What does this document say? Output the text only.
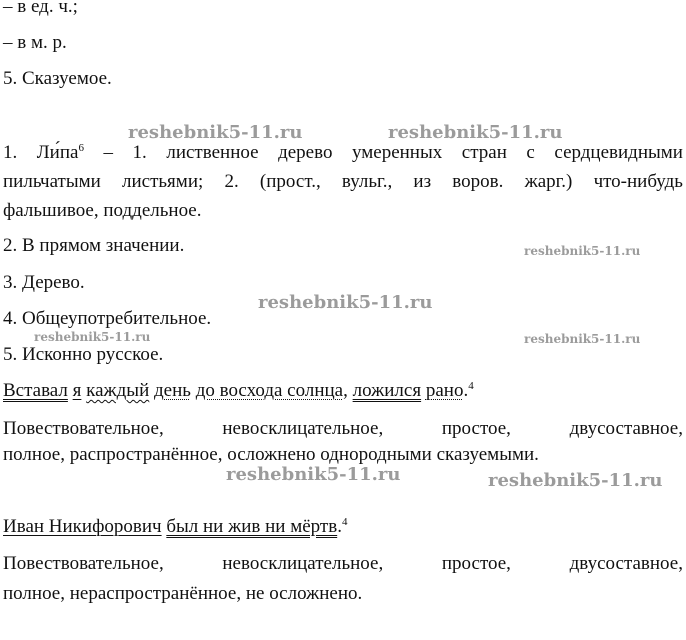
– в ед. ч.;
– в м. р.
5. Сказуемое.
1. $Ли́па^6 - 1$. лиственное дерево умеренных стран с сердцевидными
пильчатыми листьями; 2. (прост., вульг., из воров. жарг.) что-нибудь
фальшивое, поддельное.
2. В прямом значении.
3. Дерево.
4. Общеупотребительное.
5. Исконно русское.
Вставал я каждый день до восхода солнца, ложился рано.$^4$
Повествовательное,	невосклицательное,	простое,	двусоставное,
полное, распространённое, осложнено однородными сказуемыми.
Иван Никифорович был ни жив ни мёртв.$^4$
Повествовательное,	невосклицательное,	простое,	двусоставное,
полное, нераспространённое, не осложнено.
reshebnik5-11.ru	reshebnik5-11.ru
reshebnik5-11.ru
reshebnik5-11.ru
reshebnik5-11.ru	reshebnik5-11.ru
reshebnik5-11.ru	reshebnik5-11.ru
